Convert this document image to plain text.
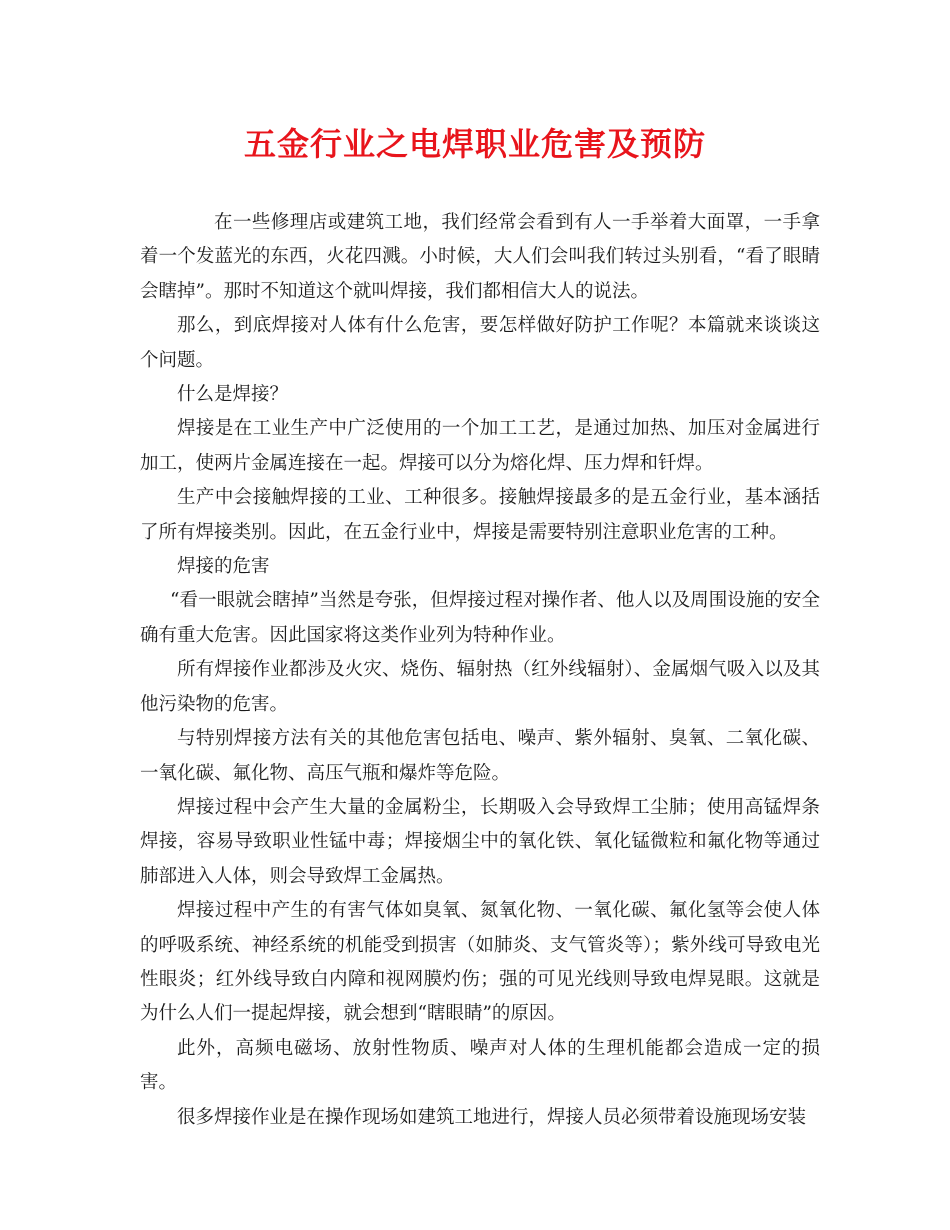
五金行业之电焊职业危害及预防

在一些修理店或建筑工地，我们经常会看到有人一手举着大面罩，一手拿着一个发蓝光的东西，火花四溅。小时候，大人们会叫我们转过头别看，“看了眼睛会瞎掉”。那时不知道这个就叫焊接，我们都相信大人的说法。

那么，到底焊接对人体有什么危害，要怎样做好防护工作呢？本篇就来谈谈这个问题。

什么是焊接？

焊接是在工业生产中广泛使用的一个加工工艺，是通过加热、加压对金属进行加工，使两片金属连接在一起。焊接可以分为熔化焊、压力焊和钎焊。

生产中会接触焊接的工业、工种很多。接触焊接最多的是五金行业，基本涵括了所有焊接类别。因此，在五金行业中，焊接是需要特别注意职业危害的工种。

焊接的危害

“看一眼就会瞎掉”当然是夸张，但焊接过程对操作者、他人以及周围设施的安全确有重大危害。因此国家将这类作业列为特种作业。

所有焊接作业都涉及火灾、烧伤、辐射热（红外线辐射）、金属烟气吸入以及其他污染物的危害。

与特别焊接方法有关的其他危害包括电、噪声、紫外辐射、臭氧、二氧化碳、一氧化碳、氟化物、高压气瓶和爆炸等危险。

焊接过程中会产生大量的金属粉尘，长期吸入会导致焊工尘肺；使用高锰焊条焊接，容易导致职业性锰中毒；焊接烟尘中的氧化铁、氧化锰微粒和氟化物等通过肺部进入人体，则会导致焊工金属热。

焊接过程中产生的有害气体如臭氧、氮氧化物、一氧化碳、氟化氢等会使人体的呼吸系统、神经系统的机能受到损害（如肺炎、支气管炎等）；紫外线可导致电光性眼炎；红外线导致白内障和视网膜灼伤；强的可见光线则导致电焊晃眼。这就是为什么人们一提起焊接，就会想到“瞎眼睛”的原因。

此外，高频电磁场、放射性物质、噪声对人体的生理机能都会造成一定的损害。

很多焊接作业是在操作现场如建筑工地进行，焊接人员必须带着设施现场安装
